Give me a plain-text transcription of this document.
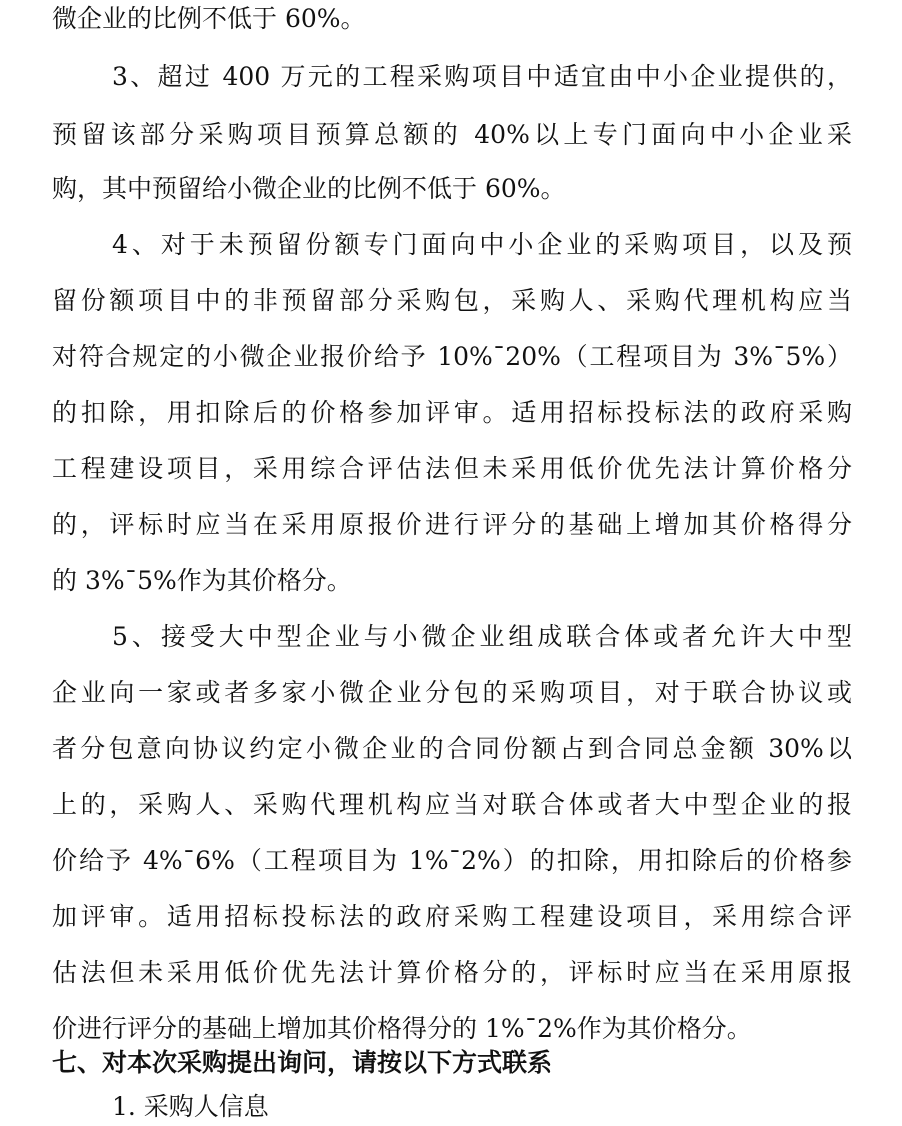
微企业的比例不低于 60%。
3、超过 400 万元的工程采购项目中适宜由中小企业提供的，
预留该部分采购项目预算总额的 40%以上专门面向中小企业采
购，其中预留给小微企业的比例不低于 60%。
4、对于未预留份额专门面向中小企业的采购项目，以及预
留份额项目中的非预留部分采购包，采购人、采购代理机构应当
对符合规定的小微企业报价给予 10%¯20%（工程项目为 3%¯5%）
的扣除，用扣除后的价格参加评审。适用招标投标法的政府采购
工程建设项目，采用综合评估法但未采用低价优先法计算价格分
的，评标时应当在采用原报价进行评分的基础上增加其价格得分
的 3%¯5%作为其价格分。
5、接受大中型企业与小微企业组成联合体或者允许大中型
企业向一家或者多家小微企业分包的采购项目，对于联合协议或
者分包意向协议约定小微企业的合同份额占到合同总金额 30%以
上的，采购人、采购代理机构应当对联合体或者大中型企业的报
价给予 4%¯6%（工程项目为 1%¯2%）的扣除，用扣除后的价格参
加评审。适用招标投标法的政府采购工程建设项目，采用综合评
估法但未采用低价优先法计算价格分的，评标时应当在采用原报
价进行评分的基础上增加其价格得分的 1%¯2%作为其价格分。
七、对本次采购提出询问，请按以下方式联系
1. 采购人信息
